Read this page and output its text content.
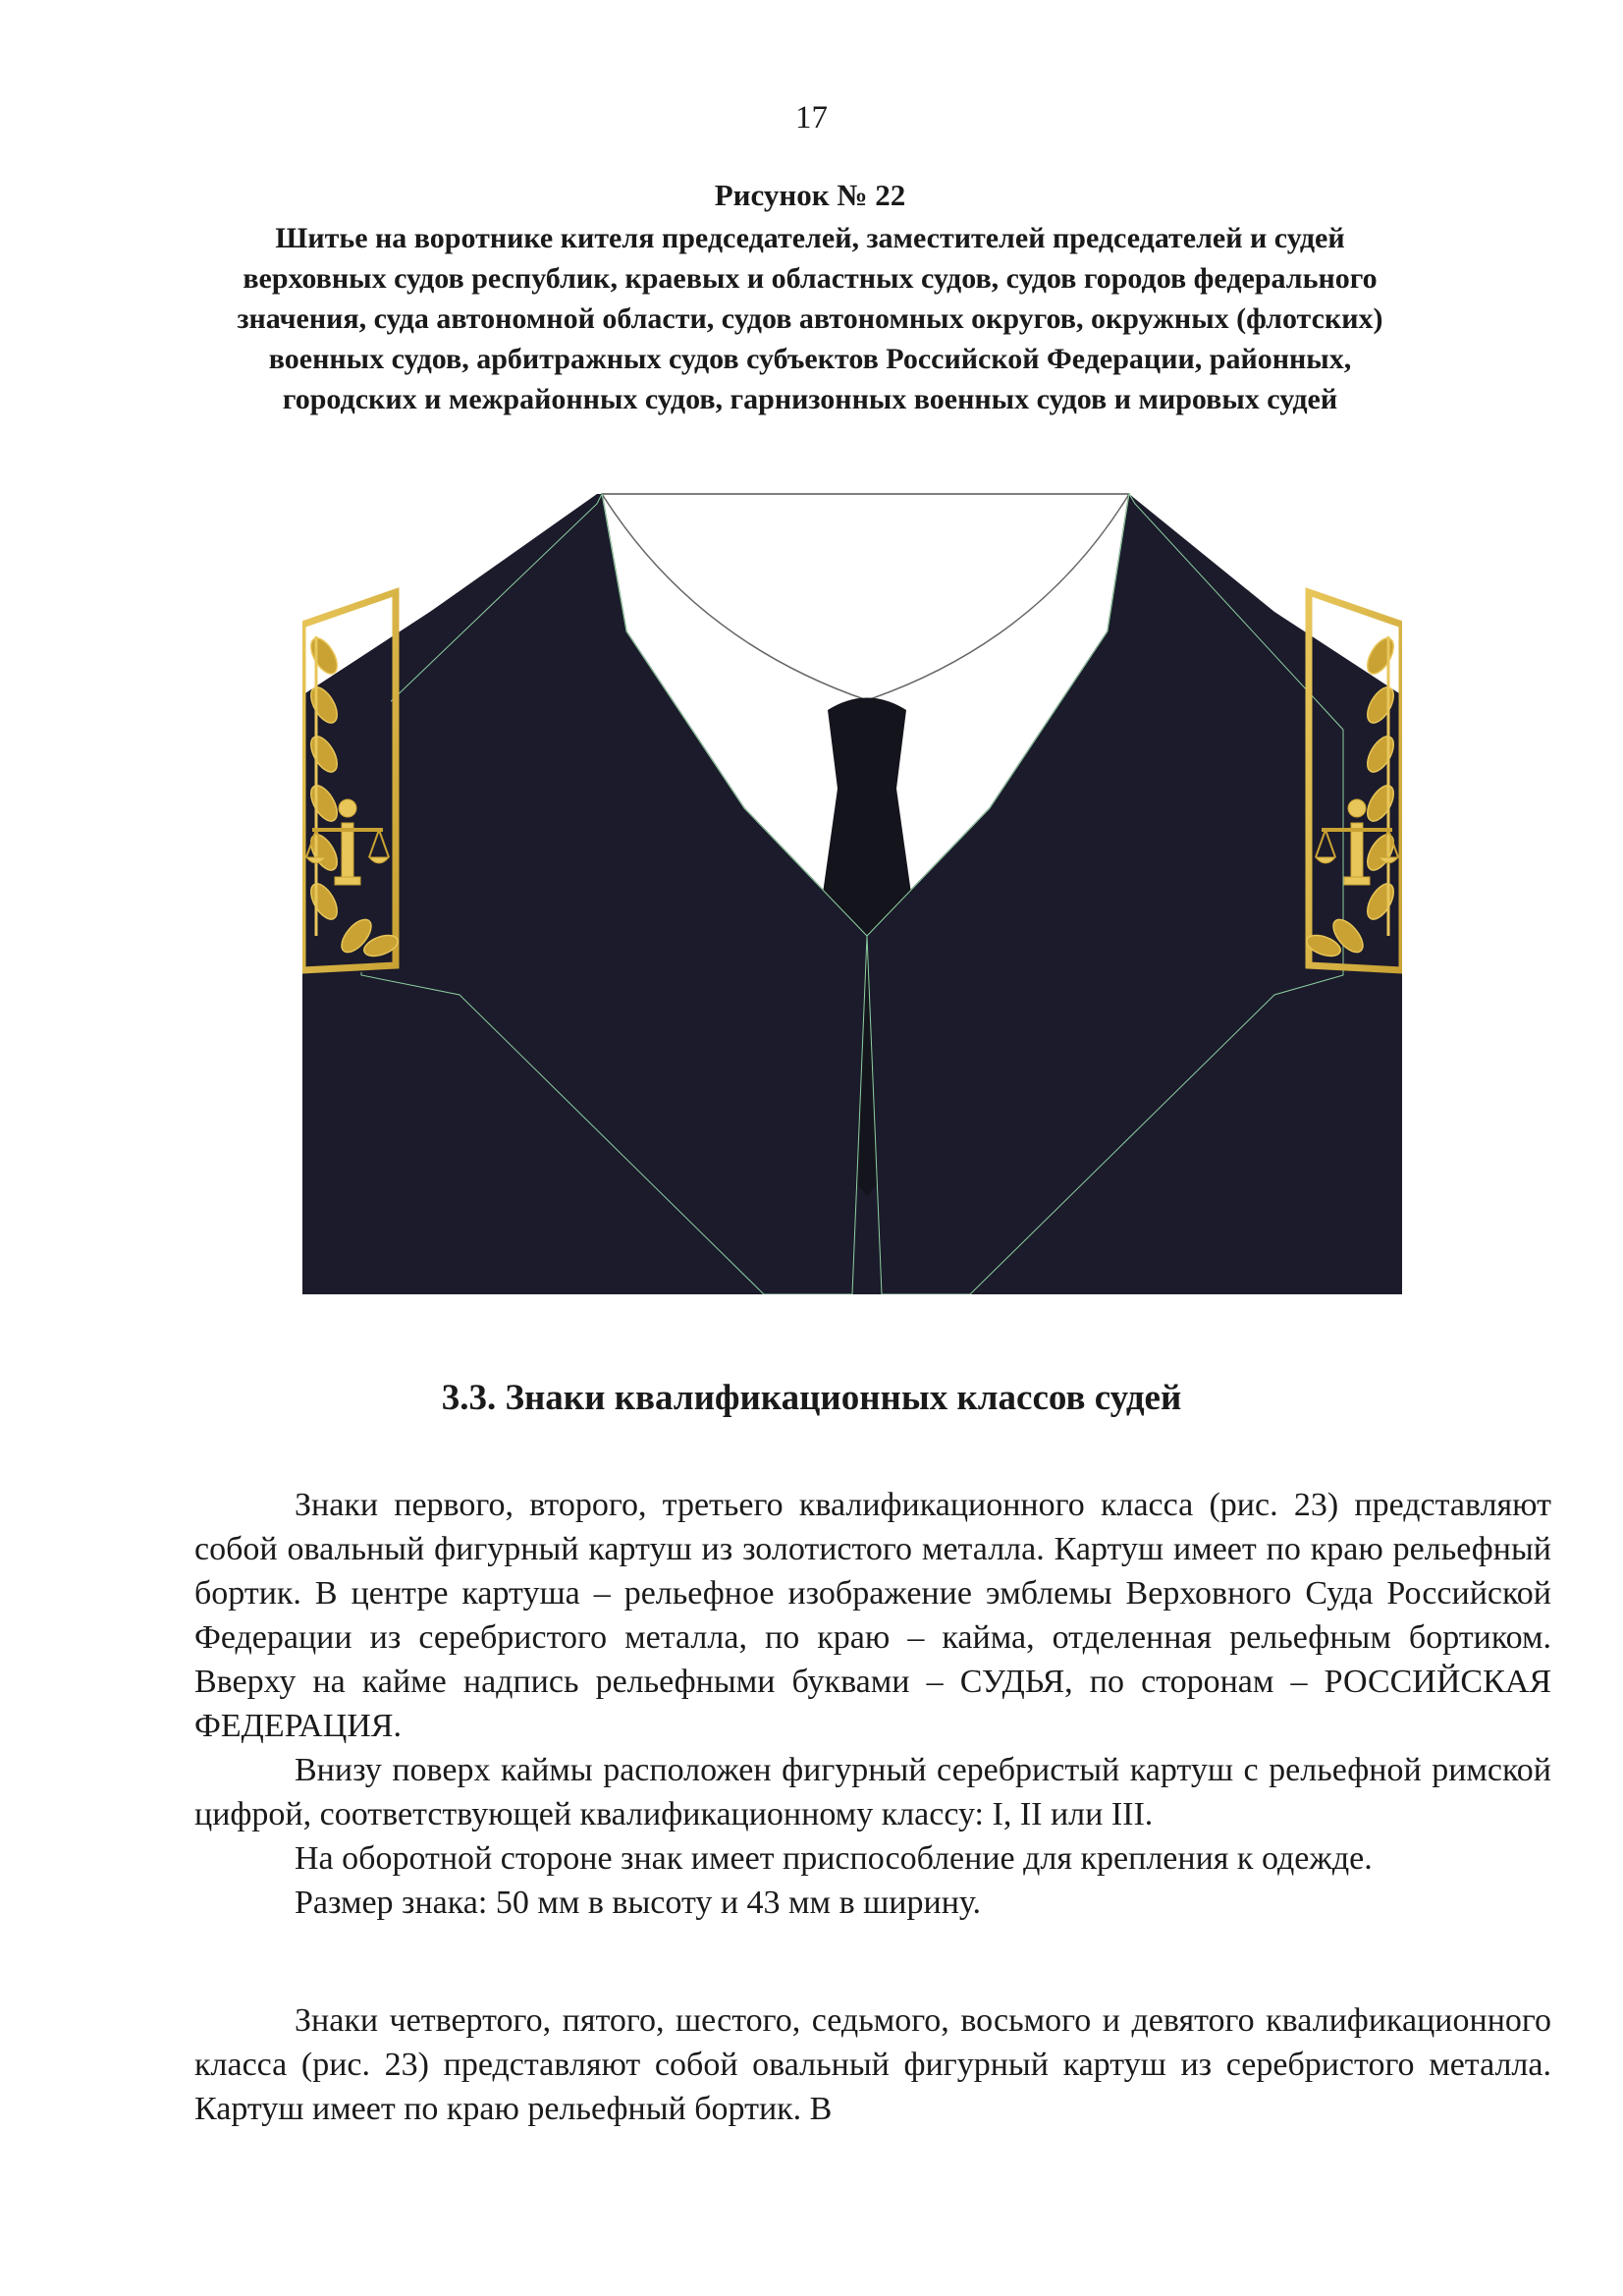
17
Рисунок № 22
Шитье на воротнике кителя председателей, заместителей председателей и судей
верховных судов республик, краевых и областных судов, судов городов федерального
значения, суда автономной области, судов автономных округов, окружных (флотских)
военных судов, арбитражных судов субъектов Российской Федерации, районных,
городских и межрайонных судов, гарнизонных военных судов и мировых судей
3.3. Знаки квалификационных классов судей

Знаки первого, второго, третьего квалификационного класса (рис. 23) представляют собой овальный фигурный картуш из золотистого металла. Картуш имеет по краю рельефный бортик. В центре картуша – рельефное изображение эмблемы Верховного Суда Российской Федерации из серебристого металла, по краю – кайма, отделенная рельефным бортиком. Вверху на кайме надпись рельефными буквами – СУДЬЯ, по сторонам – РОССИЙСКАЯ ФЕДЕРАЦИЯ.

Внизу поверх каймы расположен фигурный серебристый картуш с рельефной римской цифрой, соответствующей квалификационному классу: I, II или III.

На оборотной стороне знак имеет приспособление для крепления к одежде.

Размер знака: 50 мм в высоту и 43 мм в ширину.

Знаки четвертого, пятого, шестого, седьмого, восьмого и девятого квалификационного класса (рис. 23) представляют собой овальный фигурный картуш из серебристого металла. Картуш имеет по краю рельефный бортик. В
